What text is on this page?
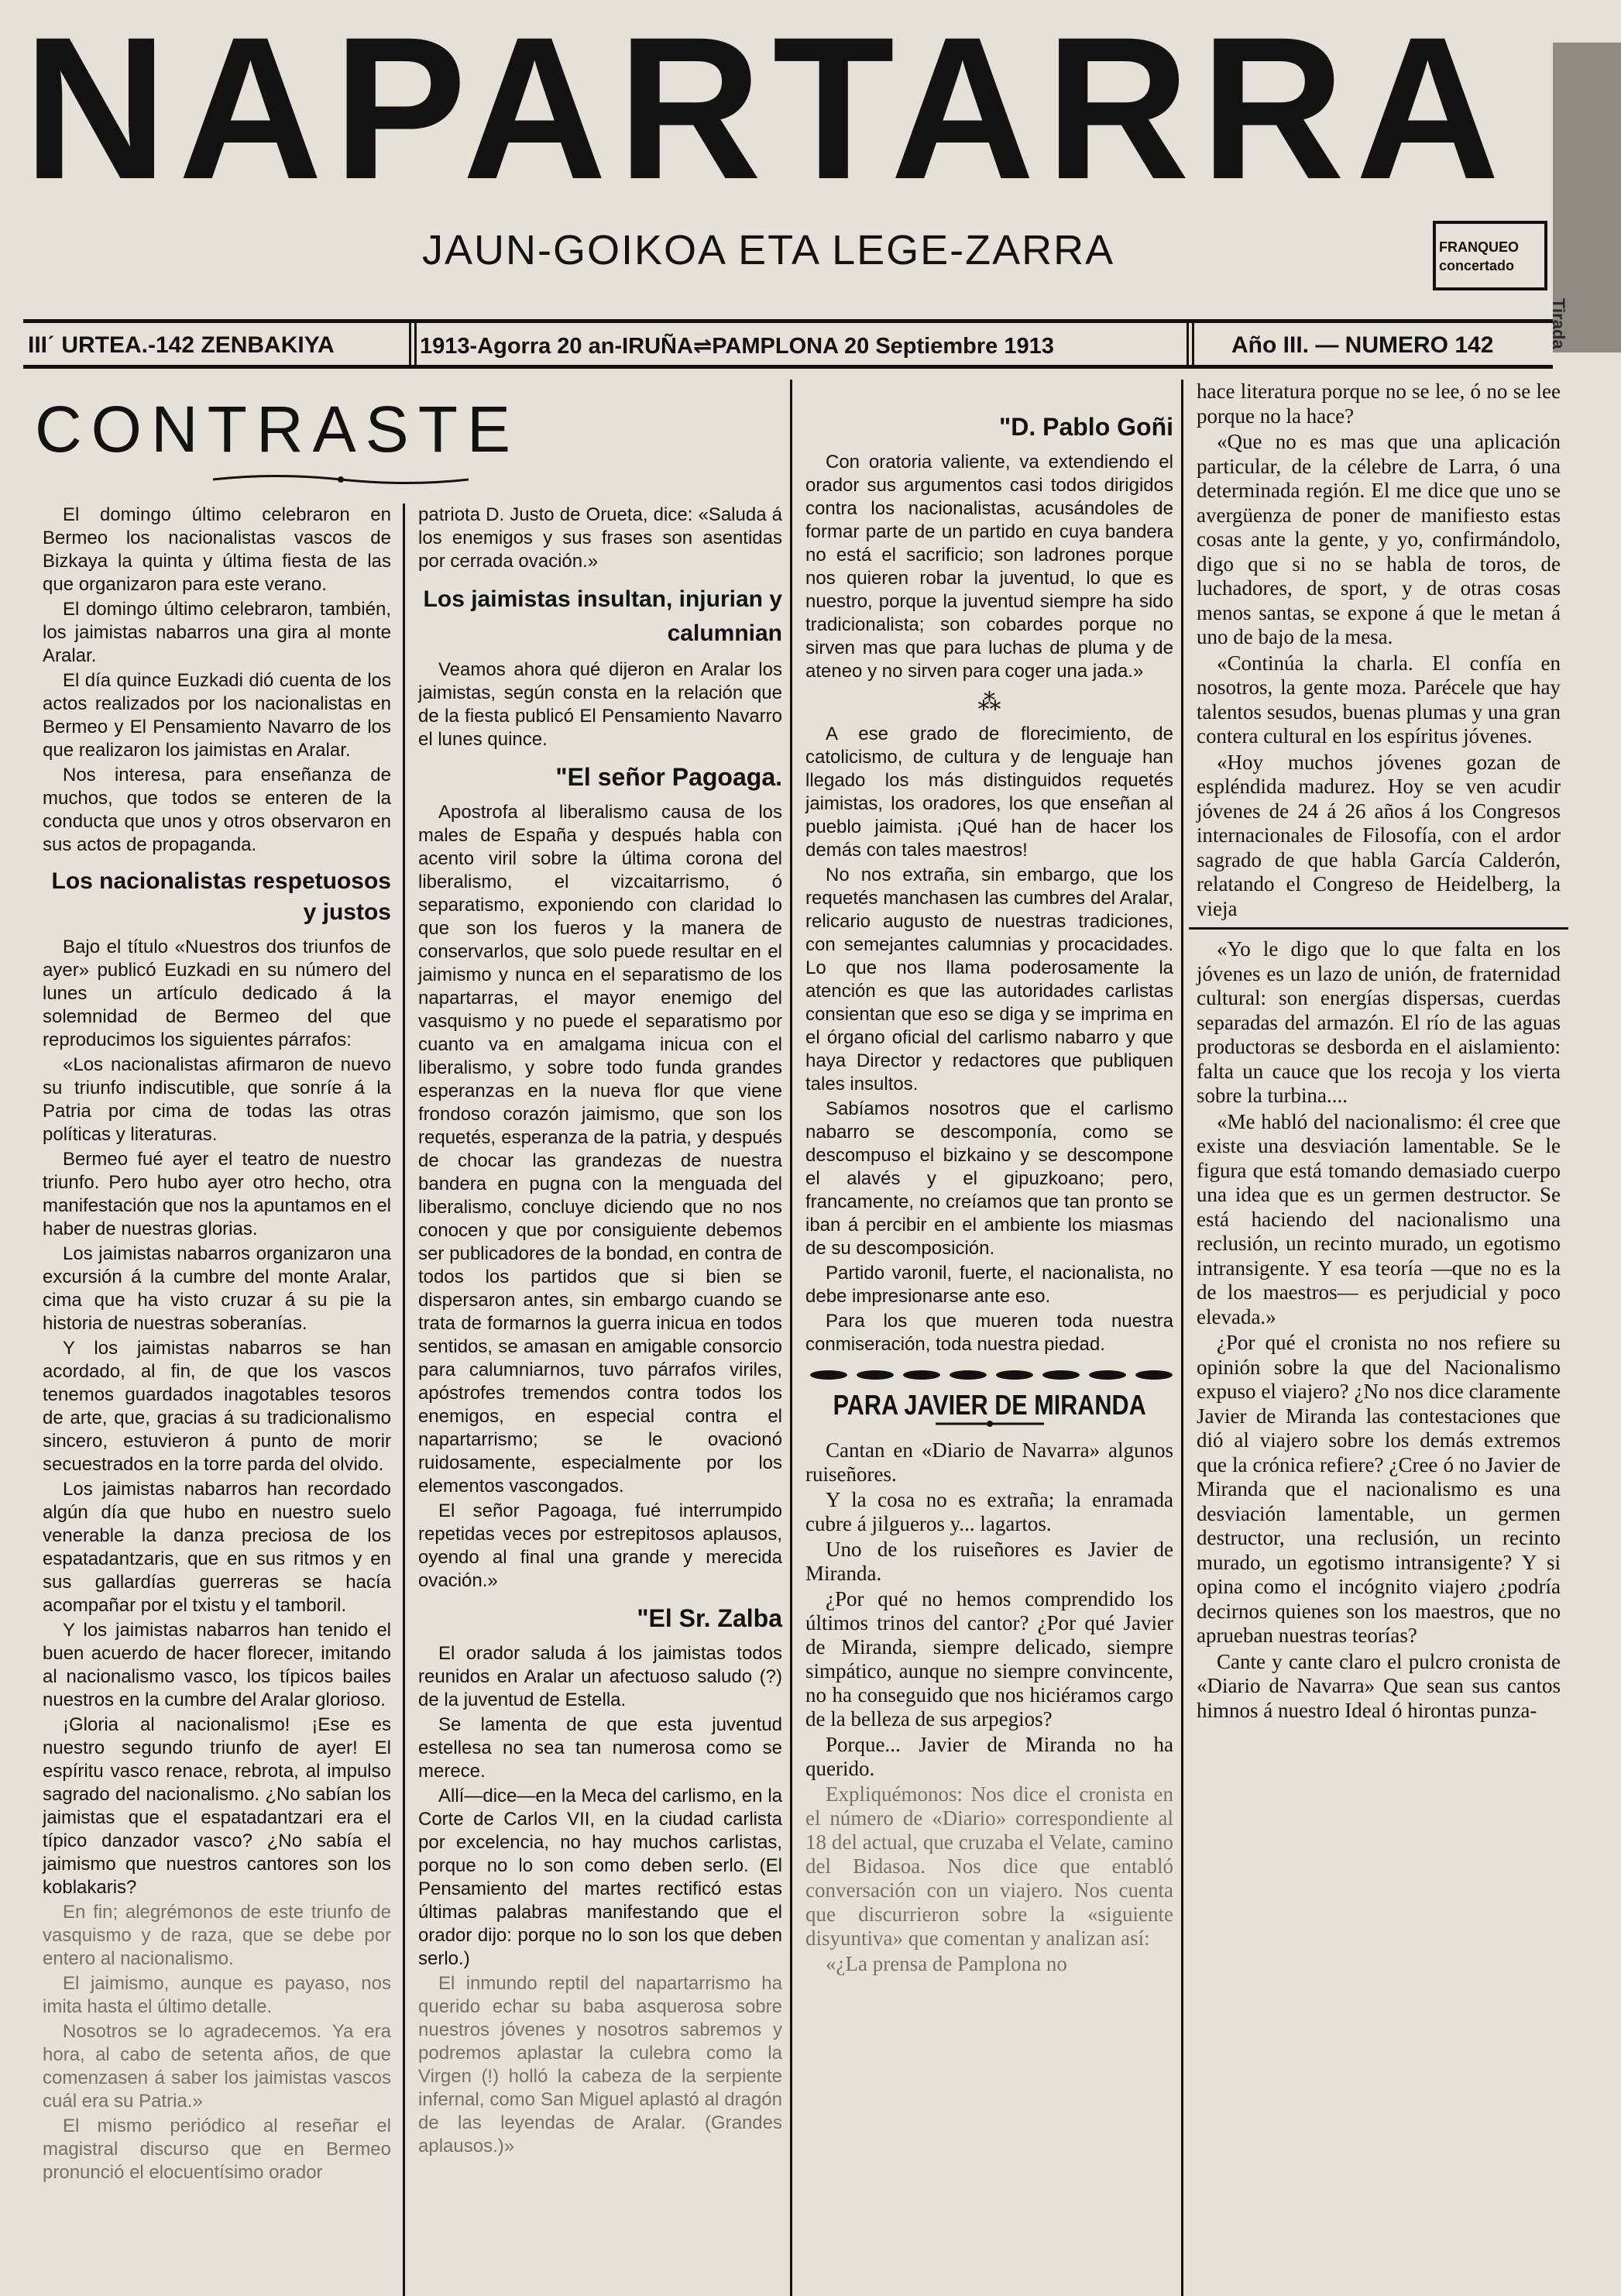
NAPARTARRA
JAUN-GOIKOA ETA LEGE-ZARRA	FRANQUEO
concertado
Tirada
IIIˊ URTEA.-142 ZENBAKIYA	1913-Agorra 20 an-IRUÑA⇌PAMPLONA 20 Septiembre 1913	Año III. — NUMERO 142
CONTRASTE

El domingo último celebraron en Bermeo los nacionalistas vascos de Bizkaya la quinta y última fiesta de las que organizaron para este verano.

El domingo último celebraron, también, los jaimistas nabarros una gira al monte Aralar.

El día quince Euzkadi dió cuenta de los actos realizados por los nacionalistas en Bermeo y El Pensamiento Navarro de los que realizaron los jaimistas en Aralar.

Nos interesa, para enseñanza de muchos, que todos se enteren de la conducta que unos y otros observaron en sus actos de propaganda.

Los nacionalistas respetuosos y justos

Bajo el título «Nuestros dos triunfos de ayer» publicó Euzkadi en su número del lunes un artículo dedicado á la solemnidad de Bermeo del que reproducimos los siguientes párrafos:

«Los nacionalistas afirmaron de nuevo su triunfo indiscutible, que sonríe á la Patria por cima de todas las otras políticas y literaturas.

Bermeo fué ayer el teatro de nuestro triunfo. Pero hubo ayer otro hecho, otra manifestación que nos la apuntamos en el haber de nuestras glorias.

Los jaimistas nabarros organizaron una excursión á la cumbre del monte Aralar, cima que ha visto cruzar á su pie la historia de nuestras soberanías.

Y los jaimistas nabarros se han acordado, al fin, de que los vascos tenemos guardados inagotables tesoros de arte, que, gracias á su tradicionalismo sincero, estuvieron á punto de morir secuestrados en la torre parda del olvido.

Los jaimistas nabarros han recordado algún día que hubo en nuestro suelo venerable la danza preciosa de los espatadantzaris, que en sus ritmos y en sus gallardías guerreras se hacía acompañar por el txistu y el tamboril.

Y los jaimistas nabarros han tenido el buen acuerdo de hacer florecer, imitando al nacionalismo vasco, los típicos bailes nuestros en la cumbre del Aralar glorioso.

¡Gloria al nacionalismo! ¡Ese es nuestro segundo triunfo de ayer! El espíritu vasco renace, rebrota, al impulso sagrado del nacionalismo. ¿No sabían los jaimistas que el espatadantzari era el típico danzador vasco? ¿No sabía el jaimismo que nuestros cantores son los koblakaris?

En fin; alegrémonos de este triunfo de vasquismo y de raza, que se debe por entero al nacionalismo.

El jaimismo, aunque es payaso, nos imita hasta el último detalle.

Nosotros se lo agradecemos. Ya era hora, al cabo de setenta años, de que comenzasen á saber los jaimistas vascos cuál era su Patria.»

El mismo periódico al reseñar el magistral discurso que en Bermeo pronunció el elocuentísimo orador

patriota D. Justo de Orueta, dice: «Saluda á los enemigos y sus frases son asentidas por cerrada ovación.»

Los jaimistas insultan, injurian y calumnian

Veamos ahora qué dijeron en Aralar los jaimistas, según consta en la relación que de la fiesta publicó El Pensamiento Navarro el lunes quince.

"El señor Pagoaga.

Apostrofa al liberalismo causa de los males de España y después habla con acento viril sobre la última corona del liberalismo, el vizcaitarrismo, ó separatismo, exponiendo con claridad lo que son los fueros y la manera de conservarlos, que solo puede resultar en el jaimismo y nunca en el separatismo de los napartarras, el mayor enemigo del vasquismo y no puede el separatismo por cuanto va en amalgama inicua con el liberalismo, y sobre todo funda grandes esperanzas en la nueva flor que viene frondoso corazón jaimismo, que son los requetés, esperanza de la patria, y después de chocar las grandezas de nuestra bandera en pugna con la menguada del liberalismo, concluye diciendo que no nos conocen y que por consiguiente debemos ser publicadores de la bondad, en contra de todos los partidos que si bien se dispersaron antes, sin embargo cuando se trata de formarnos la guerra inicua en todos sentidos, se amasan en amigable consorcio para calumniarnos, tuvo párrafos viriles, apóstrofes tremendos contra todos los enemigos, en especial contra el napartarrismo; se le ovacionó ruidosamente, especialmente por los elementos vascongados.

El señor Pagoaga, fué interrumpido repetidas veces por estrepitosos aplausos, oyendo al final una grande y merecida ovación.»

"El Sr. Zalba

El orador saluda á los jaimistas todos reunidos en Aralar un afectuoso saludo (?) de la juventud de Estella.

Se lamenta de que esta juventud estellesa no sea tan numerosa como se merece.

Allí—dice—en la Meca del carlismo, en la Corte de Carlos VII, en la ciudad carlista por excelencia, no hay muchos carlistas, porque no lo son como deben serlo. (El Pensamiento del martes rectificó estas últimas palabras manifestando que el orador dijo: porque no lo son los que deben serlo.)

El inmundo reptil del napartarrismo ha querido echar su baba asquerosa sobre nuestros jóvenes y nosotros sabremos y podremos aplastar la culebra como la Virgen (!) holló la cabeza de la serpiente infernal, como San Miguel aplastó al dragón de las leyendas de Aralar. (Grandes aplausos.)»

"D. Pablo Goñi

Con oratoria valiente, va extendiendo el orador sus argumentos casi todos dirigidos contra los nacionalistas, acusándoles de formar parte de un partido en cuya bandera no está el sacrificio; son ladrones porque nos quieren robar la juventud, lo que es nuestro, porque la juventud siempre ha sido tradicionalista; son cobardes porque no sirven mas que para luchas de pluma y de ateneo y no sirven para coger una jada.»

⁂

A ese grado de florecimiento, de catolicismo, de cultura y de lenguaje han llegado los más distinguidos requetés jaimistas, los oradores, los que enseñan al pueblo jaimista. ¡Qué han de hacer los demás con tales maestros!

No nos extraña, sin embargo, que los requetés manchasen las cumbres del Aralar, relicario augusto de nuestras tradiciones, con semejantes calumnias y procacidades. Lo que nos llama poderosamente la atención es que las autoridades carlistas consientan que eso se diga y se imprima en el órgano oficial del carlismo nabarro y que haya Director y redactores que publiquen tales insultos.

Sabíamos nosotros que el carlismo nabarro se descomponía, como se descompuso el bizkaino y se descompone el alavés y el gipuzkoano; pero, francamente, no creíamos que tan pronto se iban á percibir en el ambiente los miasmas de su descomposición.

Partido varonil, fuerte, el nacionalista, no debe impresionarse ante eso.

Para los que mueren toda nuestra conmiseración, toda nuestra piedad.

PARA JAVIER DE MIRANDA

Cantan en «Diario de Navarra» algunos ruiseñores.

Y la cosa no es extraña; la enramada cubre á jilgueros y... lagartos.

Uno de los ruiseñores es Javier de Miranda.

¿Por qué no hemos comprendido los últimos trinos del cantor? ¿Por qué Javier de Miranda, siempre delicado, siempre simpático, aunque no siempre convincente, no ha conseguido que nos hiciéramos cargo de la belleza de sus arpegios?

Porque... Javier de Miranda no ha querido.

Expliquémonos: Nos dice el cronista en el número de «Diario» correspondiente al 18 del actual, que cruzaba el Velate, camino del Bidasoa. Nos dice que entabló conversación con un viajero. Nos cuenta que discurrieron sobre la «siguiente disyuntiva» que comentan y analizan así:

«¿La prensa de Pamplona no

hace literatura porque no se lee, ó no se lee porque no la hace?

«Que no es mas que una aplicación particular, de la célebre de Larra, ó una determinada región. El me dice que uno se avergüenza de poner de manifiesto estas cosas ante la gente, y yo, confirmándolo, digo que si no se habla de toros, de luchadores, de sport, y de otras cosas menos santas, se expone á que le metan á uno de bajo de la mesa.

«Continúa la charla. El confía en nosotros, la gente moza. Parécele que hay talentos sesudos, buenas plumas y una gran contera cultural en los espíritus jóvenes.

«Hoy muchos jóvenes gozan de espléndida madurez. Hoy se ven acudir jóvenes de 24 á 26 años á los Congresos internacionales de Filosofía, con el ardor sagrado de que habla García Calderón, relatando el Congreso de Heidelberg, la vieja

«Yo le digo que lo que falta en los jóvenes es un lazo de unión, de fraternidad cultural: son energías dispersas, cuerdas separadas del armazón. El río de las aguas productoras se desborda en el aislamiento: falta un cauce que los recoja y los vierta sobre la turbina....

«Me habló del nacionalismo: él cree que existe una desviación lamentable. Se le figura que está tomando demasiado cuerpo una idea que es un germen destructor. Se está haciendo del nacionalismo una reclusión, un recinto murado, un egotismo intransigente. Y esa teoría —que no es la de los maestros— es perjudicial y poco elevada.»

¿Por qué el cronista no nos refiere su opinión sobre la que del Nacionalismo expuso el viajero? ¿No nos dice claramente Javier de Miranda las contestaciones que dió al viajero sobre los demás extremos que la crónica refiere? ¿Cree ó no Javier de Miranda que el nacionalismo es una desviación lamentable, un germen destructor, una reclusión, un recinto murado, un egotismo intransigente? Y si opina como el incógnito viajero ¿podría decirnos quienes son los maestros, que no aprueban nuestras teorías?

Cante y cante claro el pulcro cronista de «Diario de Navarra» Que sean sus cantos himnos á nuestro Ideal ó hirontas punza-
